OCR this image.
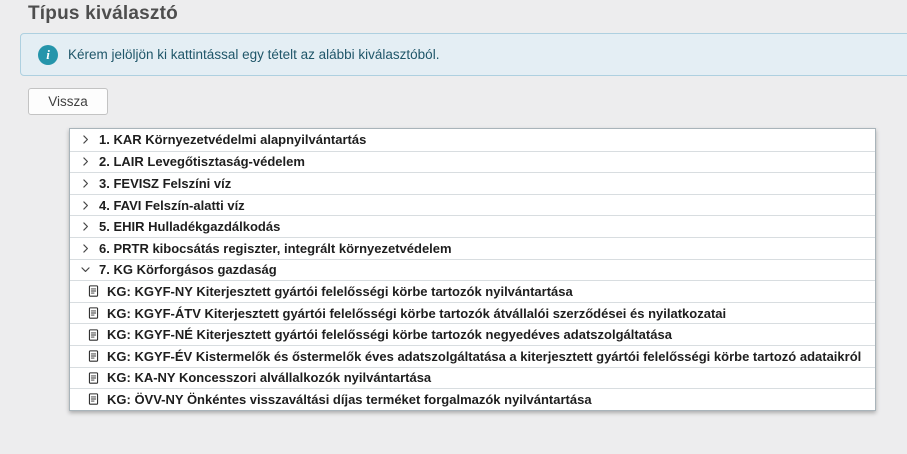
Típus kiválasztó
i	Kérem jelöljön ki kattintással egy tételt az alábbi kiválasztóból.
Vissza
1. KAR Környezetvédelmi alapnyilvántartás
2. LAIR Levegőtisztaság-védelem
3. FEVISZ Felszíni víz
4. FAVI Felszín-alatti víz
5. EHIR Hulladékgazdálkodás
6. PRTR kibocsátás regiszter, integrált környezetvédelem
7. KG Körforgásos gazdaság
KG: KGYF-NY Kiterjesztett gyártói felelősségi körbe tartozók nyilvántartása
KG: KGYF-ÁTV Kiterjesztett gyártói felelősségi körbe tartozók átvállalói szerződései és nyilatkozatai
KG: KGYF-NÉ Kiterjesztett gyártói felelősségi körbe tartozók negyedéves adatszolgáltatása
KG: KGYF-ÉV Kistermelők és őstermelők éves adatszolgáltatása a kiterjesztett gyártói felelősségi körbe tartozó adataikról
KG: KA-NY Koncesszori alvállalkozók nyilvántartása
KG: ÖVV-NY Önkéntes visszaváltási díjas terméket forgalmazók nyilvántartása
